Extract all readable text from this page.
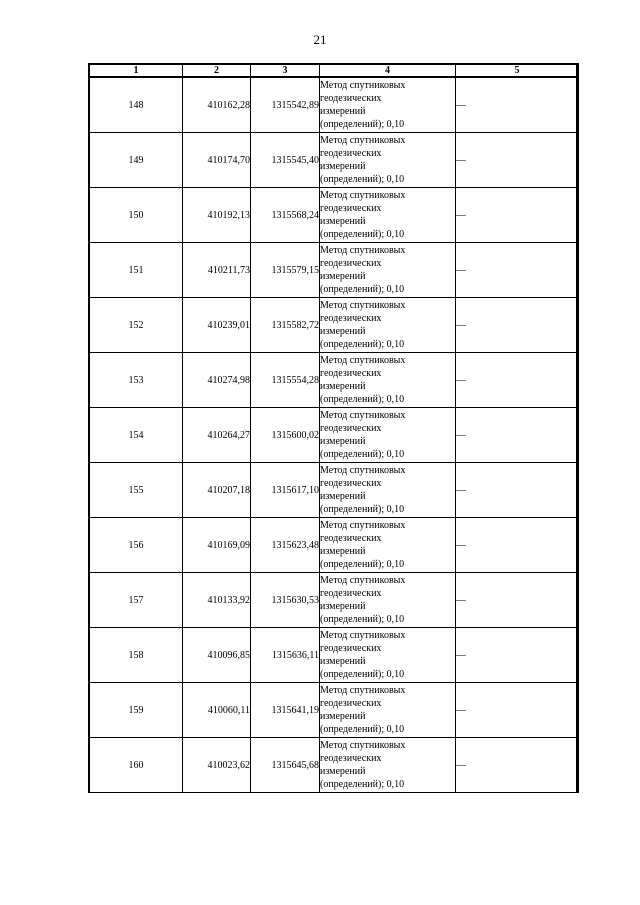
21
1	2	3	4	5
148	410162,28	1315542,89	Метод спутниковых
геодезических
измерений
(определений); 0,10	—
149	410174,70	1315545,40	Метод спутниковых
геодезических
измерений
(определений); 0,10	—
150	410192,13	1315568,24	Метод спутниковых
геодезических
измерений
(определений); 0,10	—
151	410211,73	1315579,15	Метод спутниковых
геодезических
измерений
(определений); 0,10	—
152	410239,01	1315582,72	Метод спутниковых
геодезических
измерений
(определений); 0,10	—
153	410274,98	1315554,28	Метод спутниковых
геодезических
измерений
(определений); 0,10	—
154	410264,27	1315600,02	Метод спутниковых
геодезических
измерений
(определений); 0,10	—
155	410207,18	1315617,10	Метод спутниковых
геодезических
измерений
(определений); 0,10	—
156	410169,09	1315623,48	Метод спутниковых
геодезических
измерений
(определений); 0,10	—
157	410133,92	1315630,53	Метод спутниковых
геодезических
измерений
(определений); 0,10	—
158	410096,85	1315636,11	Метод спутниковых
геодезических
измерений
(определений); 0,10	—
159	410060,11	1315641,19	Метод спутниковых
геодезических
измерений
(определений); 0,10	—
160	410023,62	1315645,68	Метод спутниковых
геодезических
измерений
(определений); 0,10	—
